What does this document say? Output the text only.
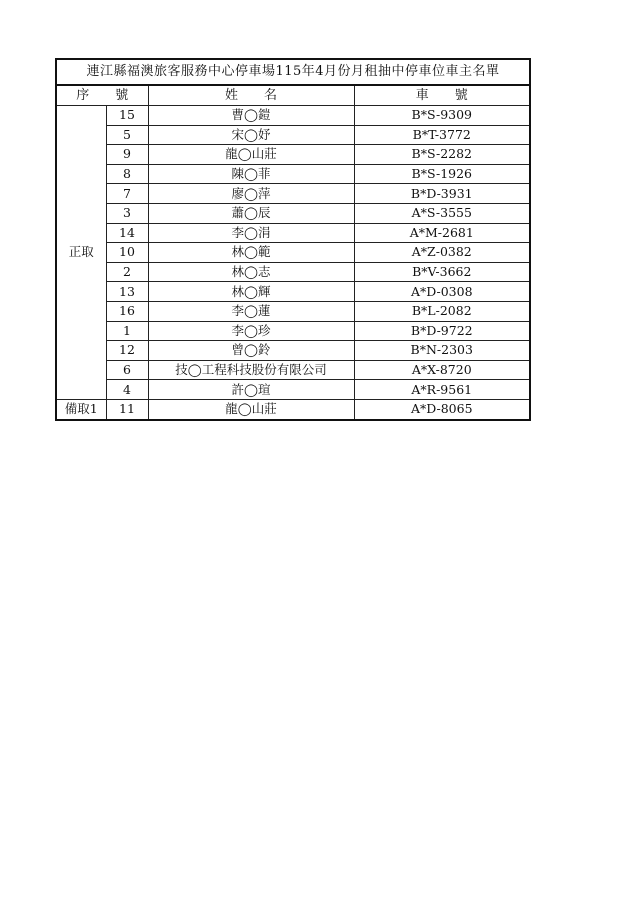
連江縣福澳旅客服務中心停車場115年4月份月租抽中停車位車主名單			
序　　號		姓　　名	車　　號
正取	15	曹◯鎧	B*S-9309
	5	宋◯妤	B*T-3772
	9	龍◯山莊	B*S-2282
	8	陳◯菲	B*S-1926
	7	廖◯萍	B*D-3931
	3	蕭◯辰	A*S-3555
	14	李◯涓	A*M-2681
	10	林◯範	A*Z-0382
	2	林◯志	B*V-3662
	13	林◯輝	A*D-0308
	16	李◯蓮	B*L-2082
	1	李◯珍	B*D-9722
	12	曾◯鈴	B*N-2303
	6	技◯工程科技股份有限公司	A*X-8720
	4	許◯瑄	A*R-9561
備取1	11	龍◯山莊	A*D-8065
